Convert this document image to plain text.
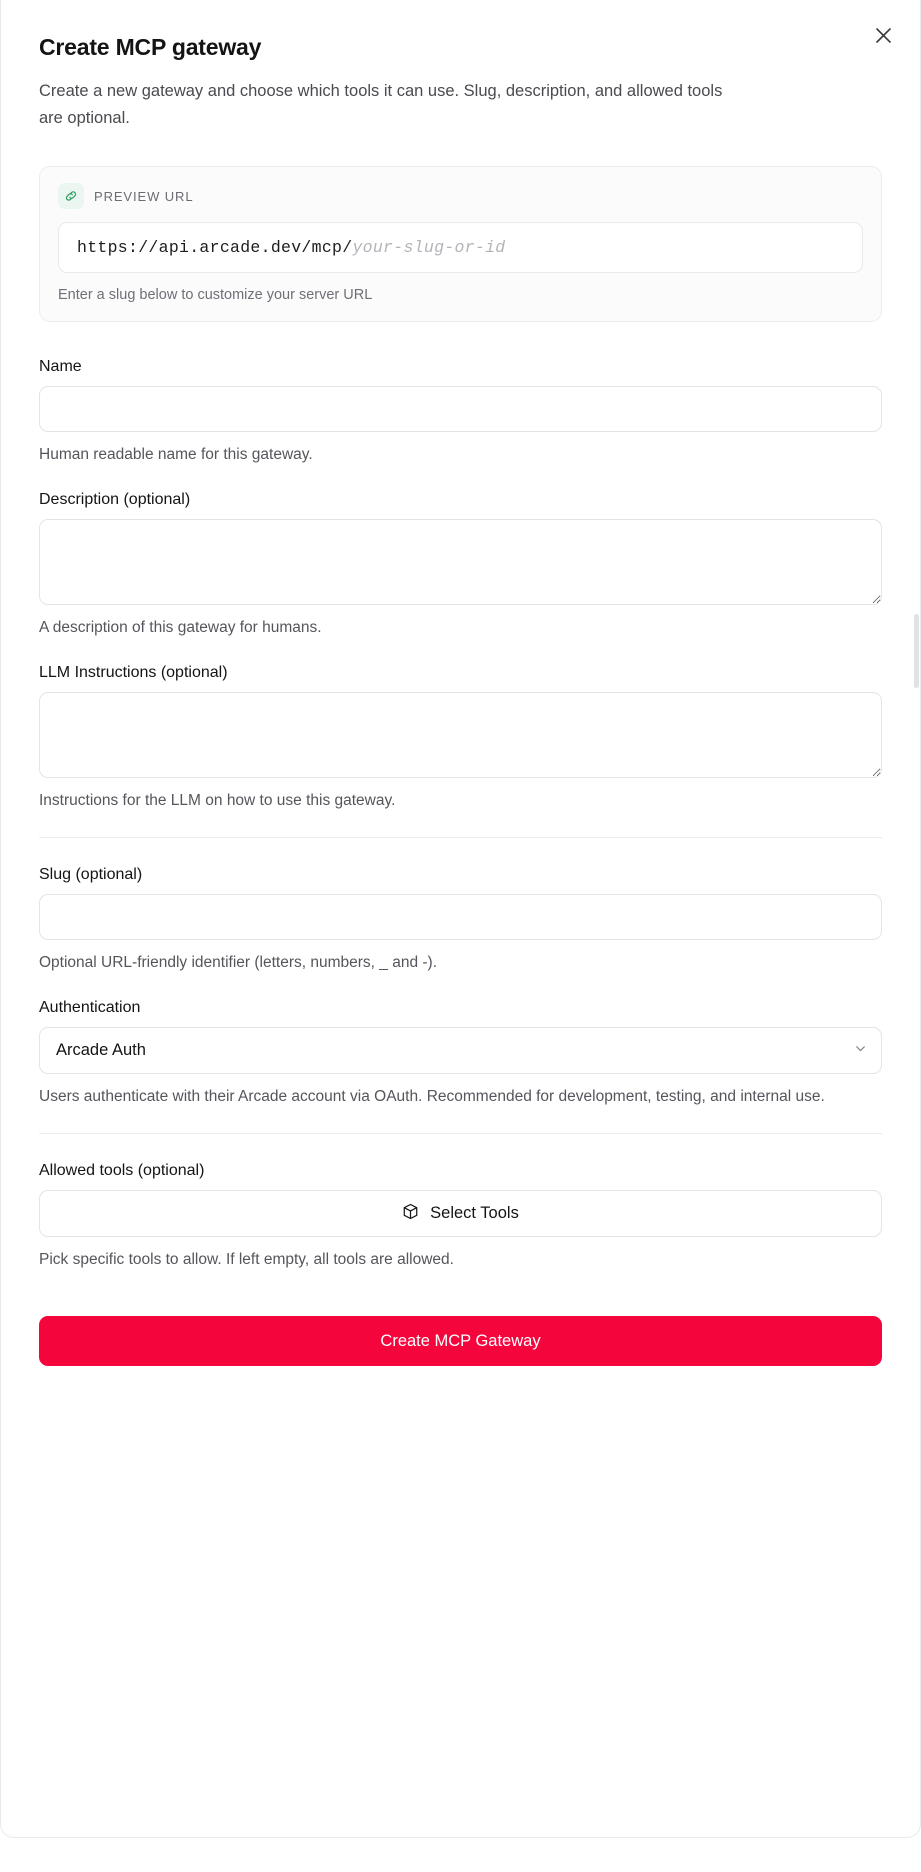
Create MCP gateway

Create a new gateway and choose which tools it can use. Slug, description, and allowed tools are optional.

PREVIEW URL
https://api.arcade.dev/mcp/your-slug-or-id
Enter a slug below to customize your server URL
Name
Human readable name for this gateway.
Description (optional)
A description of this gateway for humans.
LLM Instructions (optional)
Instructions for the LLM on how to use this gateway.
Slug (optional)
Optional URL-friendly identifier (letters, numbers, _ and -).
Authentication
Arcade Auth
Users authenticate with their Arcade account via OAuth. Recommended for development, testing, and internal use.
Allowed tools (optional)
Select Tools
Pick specific tools to allow. If left empty, all tools are allowed.
Create MCP Gateway
